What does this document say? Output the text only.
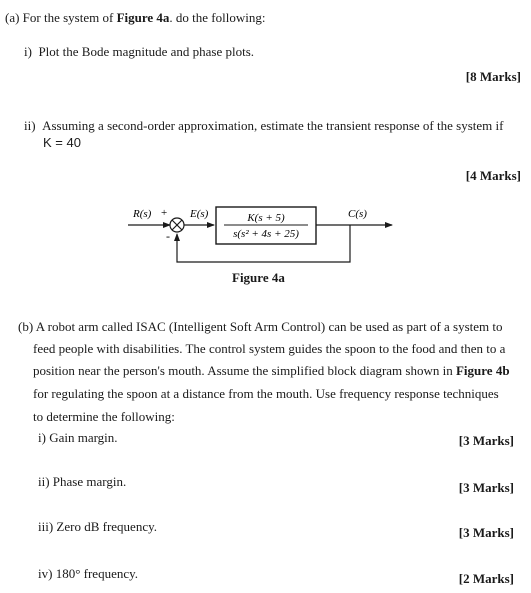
(a) For the system of Figure 4a. do the following:
i) Plot the Bode magnitude and phase plots.
[8 Marks]
ii) Assuming a second-order approximation, estimate the transient response of the system if
K = 40
[4 Marks]
R(s) +
-
E(s)	C(s)
K(s + 5)
s(s² + 4s + 25)
Figure 4a
(b) A robot arm called ISAC (Intelligent Soft Arm Control) can be used as part of a system to
feed people with disabilities. The control system guides the spoon to the food and then to a
position near the person's mouth. Assume the simplified block diagram shown in Figure 4b
for regulating the spoon at a distance from the mouth. Use frequency response techniques
to determine the following:
i) Gain margin.	[3 Marks]
ii) Phase margin.	[3 Marks]
iii) Zero dB frequency.	[3 Marks]
iv) 180° frequency.	[2 Marks]
